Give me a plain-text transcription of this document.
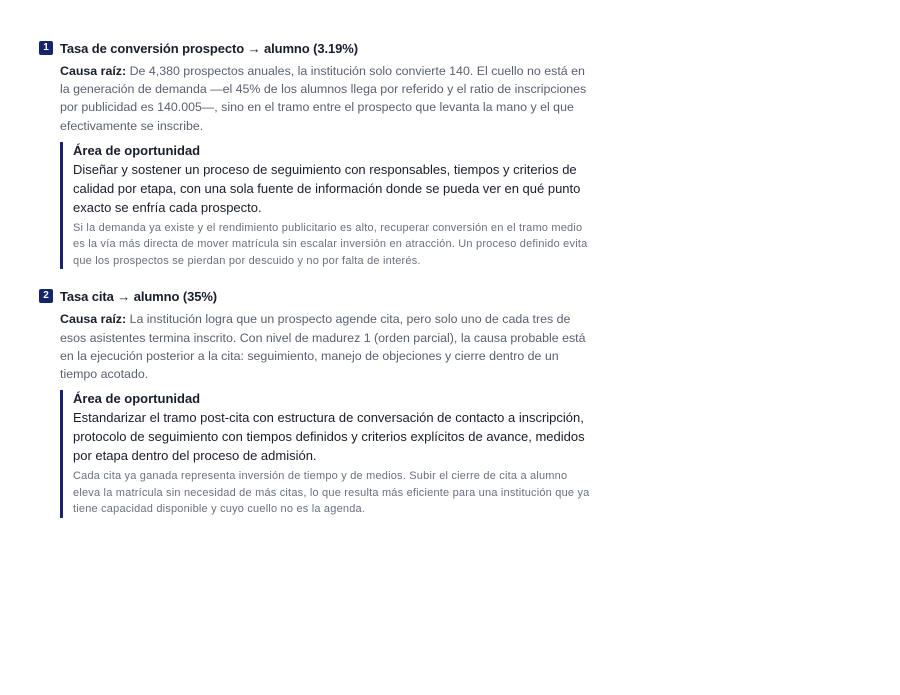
1 Tasa de conversión prospecto → alumno (3.19%)
Causa raíz: De 4,380 prospectos anuales, la institución solo convierte 140. El cuello no está en la generación de demanda —el 45% de los alumnos llega por referido y el ratio de inscripciones por publicidad es 140.005—, sino en el tramo entre el prospecto que levanta la mano y el que efectivamente se inscribe.
Área de oportunidad
Diseñar y sostener un proceso de seguimiento con responsables, tiempos y criterios de calidad por etapa, con una sola fuente de información donde se pueda ver en qué punto exacto se enfría cada prospecto.
Si la demanda ya existe y el rendimiento publicitario es alto, recuperar conversión en el tramo medio es la vía más directa de mover matrícula sin escalar inversión en atracción. Un proceso definido evita que los prospectos se pierdan por descuido y no por falta de interés.
2 Tasa cita → alumno (35%)
Causa raíz: La institución logra que un prospecto agende cita, pero solo uno de cada tres de esos asistentes termina inscrito. Con nivel de madurez 1 (orden parcial), la causa probable está en la ejecución posterior a la cita: seguimiento, manejo de objeciones y cierre dentro de un tiempo acotado.
Área de oportunidad
Estandarizar el tramo post-cita con estructura de conversación de contacto a inscripción, protocolo de seguimiento con tiempos definidos y criterios explícitos de avance, medidos por etapa dentro del proceso de admisión.
Cada cita ya ganada representa inversión de tiempo y de medios. Subir el cierre de cita a alumno eleva la matrícula sin necesidad de más citas, lo que resulta más eficiente para una institución que ya tiene capacidad disponible y cuyo cuello no es la agenda.
